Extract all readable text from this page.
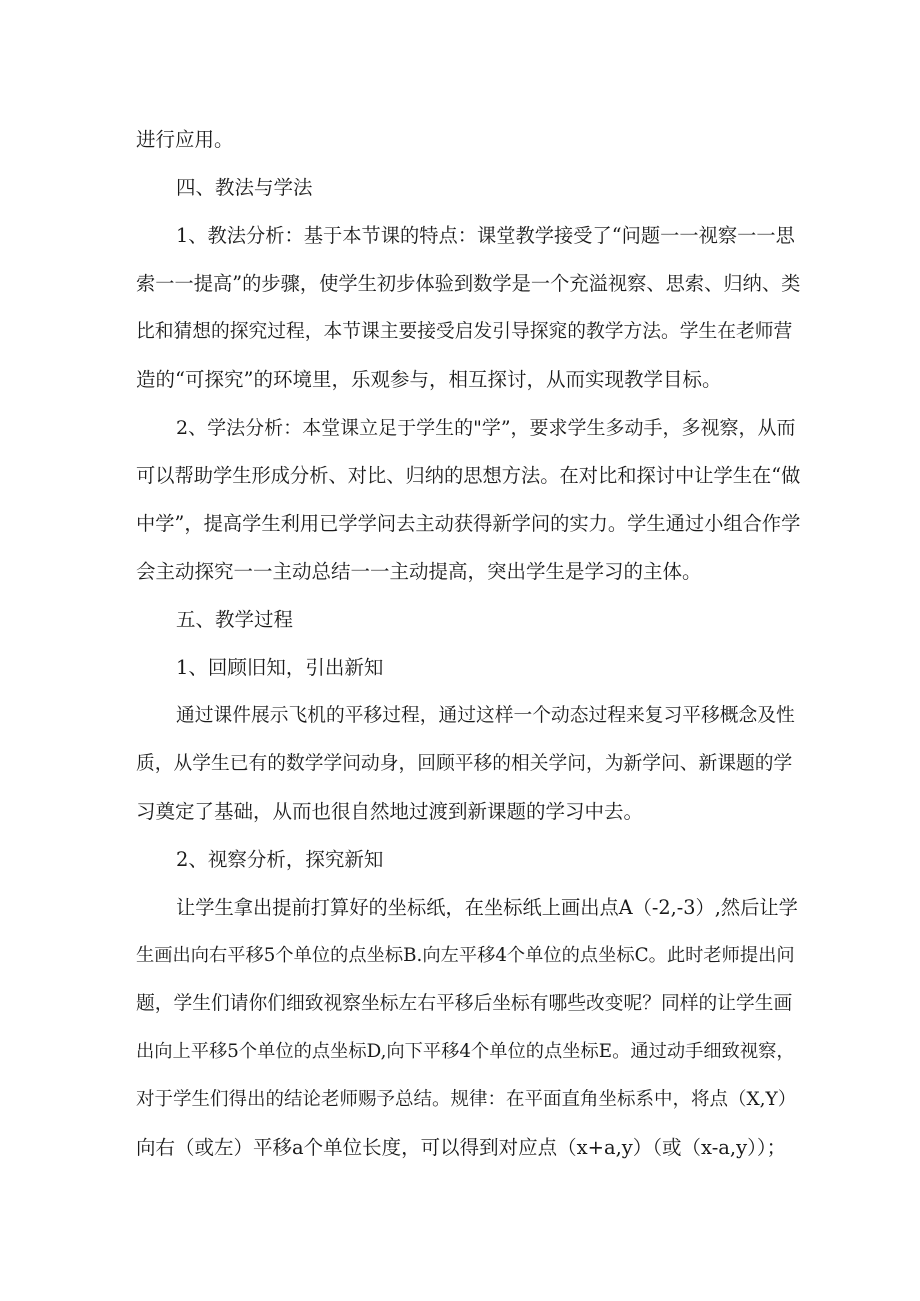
进行应用。

四、教法与学法

1、教法分析：基于本节课的特点：课堂教学接受了“问题一一视察一一思

索一一提高”的步骤，使学生初步体验到数学是一个充溢视察、思索、归纳、类

比和猜想的探究过程，本节课主要接受启发引导探窕的教学方法。学生在老师营

造的“可探究”的环境里，乐观参与，相互探讨，从而实现教学目标。

2、学法分析：本堂课立足于学生的"学”，要求学生多动手，多视察，从而

可以帮助学生形成分析、对比、归纳的思想方法。在对比和探讨中让学生在“做

中学”，提高学生利用已学学问去主动获得新学问的实力。学生通过小组合作学

会主动探究一一主动总结一一主动提高，突出学生是学习的主体。

五、教学过程

1、回顾旧知，引出新知

通过课件展示飞机的平移过程，通过这样一个动态过程来复习平移概念及性

质，从学生已有的数学学问动身，回顾平移的相关学问，为新学问、新课题的学

习奠定了基础，从而也很自然地过渡到新课题的学习中去。

2、视察分析，探究新知

让学生拿出提前打算好的坐标纸，在坐标纸上画出点A（-2,-3）,然后让学

生画出向右平移5个单位的点坐标B.向左平移4个单位的点坐标C。此时老师提出问

题，学生们请你们细致视察坐标左右平移后坐标有哪些改变呢？同样的让学生画

出向上平移5个单位的点坐标D,向下平移4个单位的点坐标E。通过动手细致视察，

对于学生们得出的结论老师赐予总结。规律：在平面直角坐标系中，将点（X,Y）

向右（或左）平移a个单位长度，可以得到对应点（x+a,y）（或（x-a,y））；
